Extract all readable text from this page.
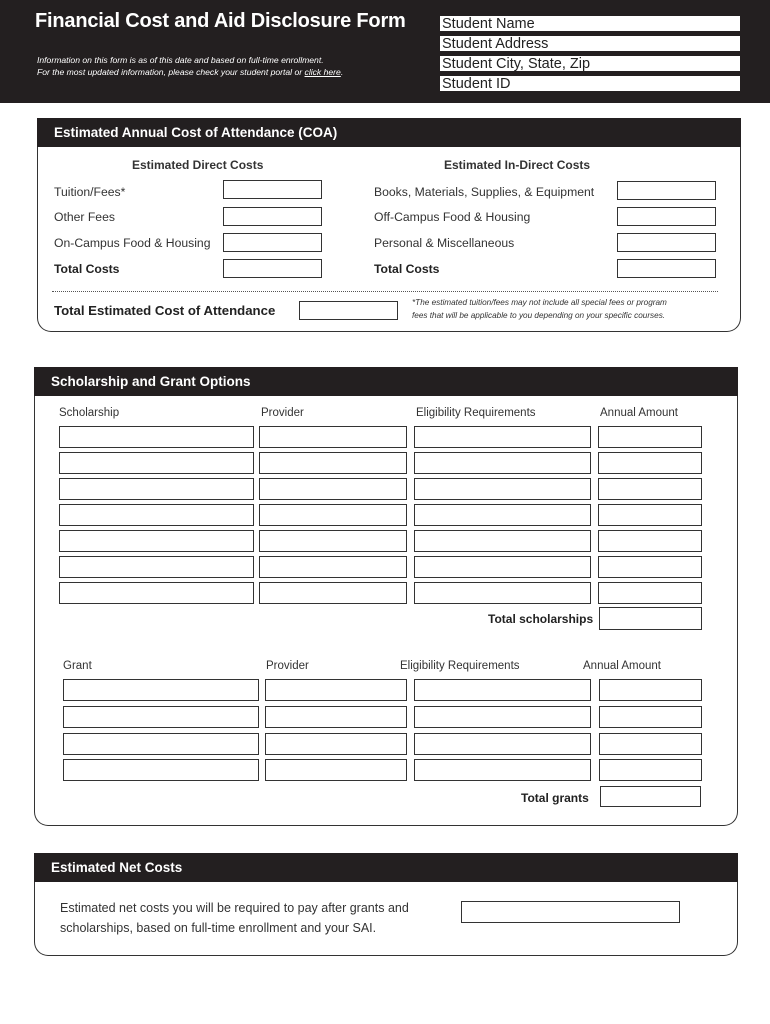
Financial Cost and Aid Disclosure Form
Information on this form is as of this date and based on full-time enrollment.
For the most updated information, please check your student portal or click here.
Student Name
Student Address
Student City, State, Zip
Student ID
Estimated Annual Cost of Attendance (COA)
Estimated Direct Costs	Estimated In-Direct Costs
Tuition/Fees*
Other Fees
On-Campus Food & Housing
Total Costs
Books, Materials, Supplies, & Equipment
Off-Campus Food & Housing
Personal & Miscellaneous
Total Costs
Total Estimated Cost of Attendance
*The estimated tuition/fees may not include all special fees or program
fees that will be applicable to you depending on your specific courses.
Scholarship and Grant Options
Scholarship	Provider	Eligibility Requirements	Annual Amount
Total scholarships
Grant	Provider	Eligibility Requirements	Annual Amount
Total grants
Estimated Net Costs
Estimated net costs you will be required to pay after grants and
scholarships, based on full-time enrollment and your SAI.
